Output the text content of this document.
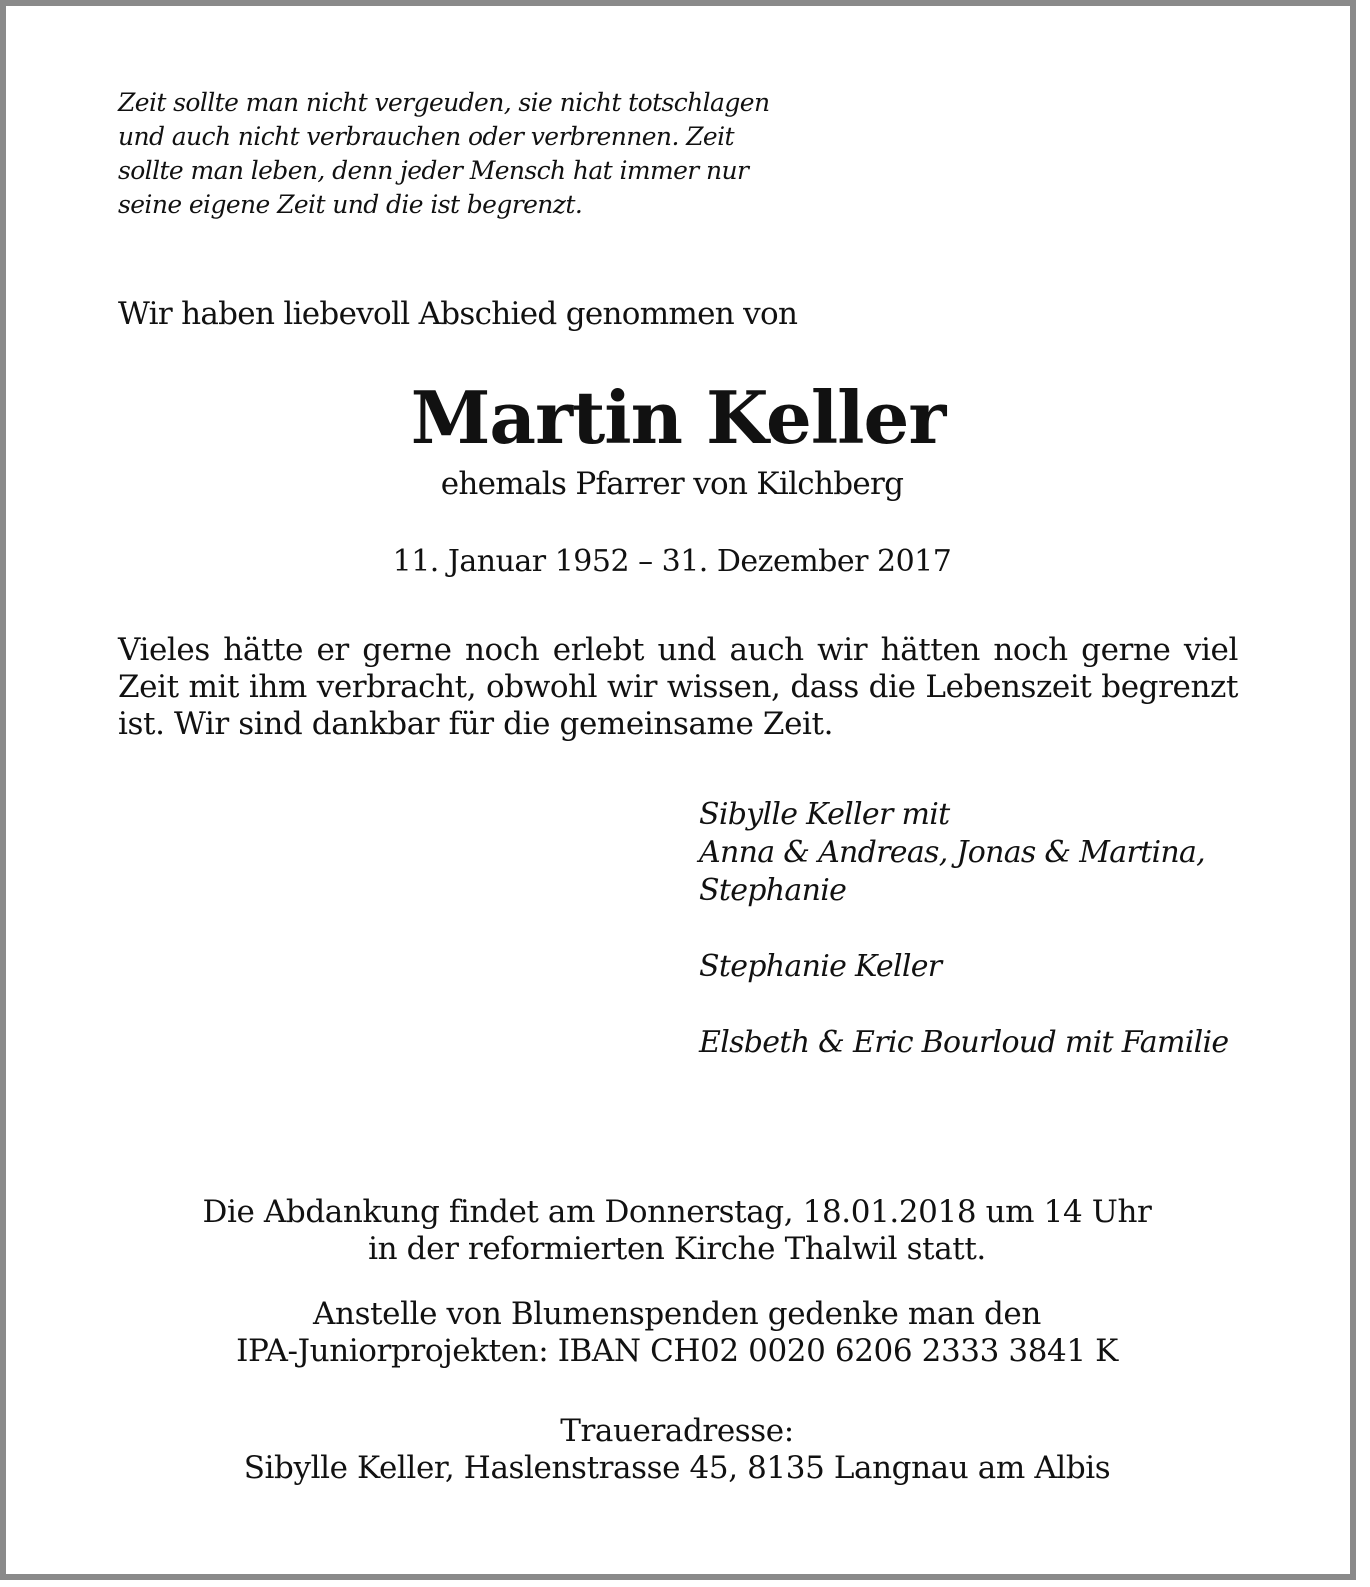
Zeit sollte man nicht vergeuden, sie nicht totschlagen

und auch nicht verbrauchen oder verbrennen. Zeit

sollte man leben, denn jeder Mensch hat immer nur

seine eigene Zeit und die ist begrenzt.

Wir haben liebevoll Abschied genommen von

Martin Keller

ehemals Pfarrer von Kilchberg

11. Januar 1952 – 31. Dezember 2017

Vieles hätte er gerne noch erlebt und auch wir hätten noch gerne viel Zeit mit ihm verbracht, obwohl wir wissen, dass die Lebenszeit begrenzt ist. Wir sind dankbar für die gemeinsame Zeit.

Sibylle Keller mit

Anna & Andreas, Jonas & Martina,

Stephanie

Stephanie Keller

Elsbeth & Eric Bourloud mit Familie

Die Abdankung findet am Donnerstag, 18.01.2018 um 14 Uhr

in der reformierten Kirche Thalwil statt.

Anstelle von Blumenspenden gedenke man den

IPA-Juniorprojekten: IBAN CH02 0020 6206 2333 3841 K

Traueradresse:

Sibylle Keller, Haslenstrasse 45, 8135 Langnau am Albis
